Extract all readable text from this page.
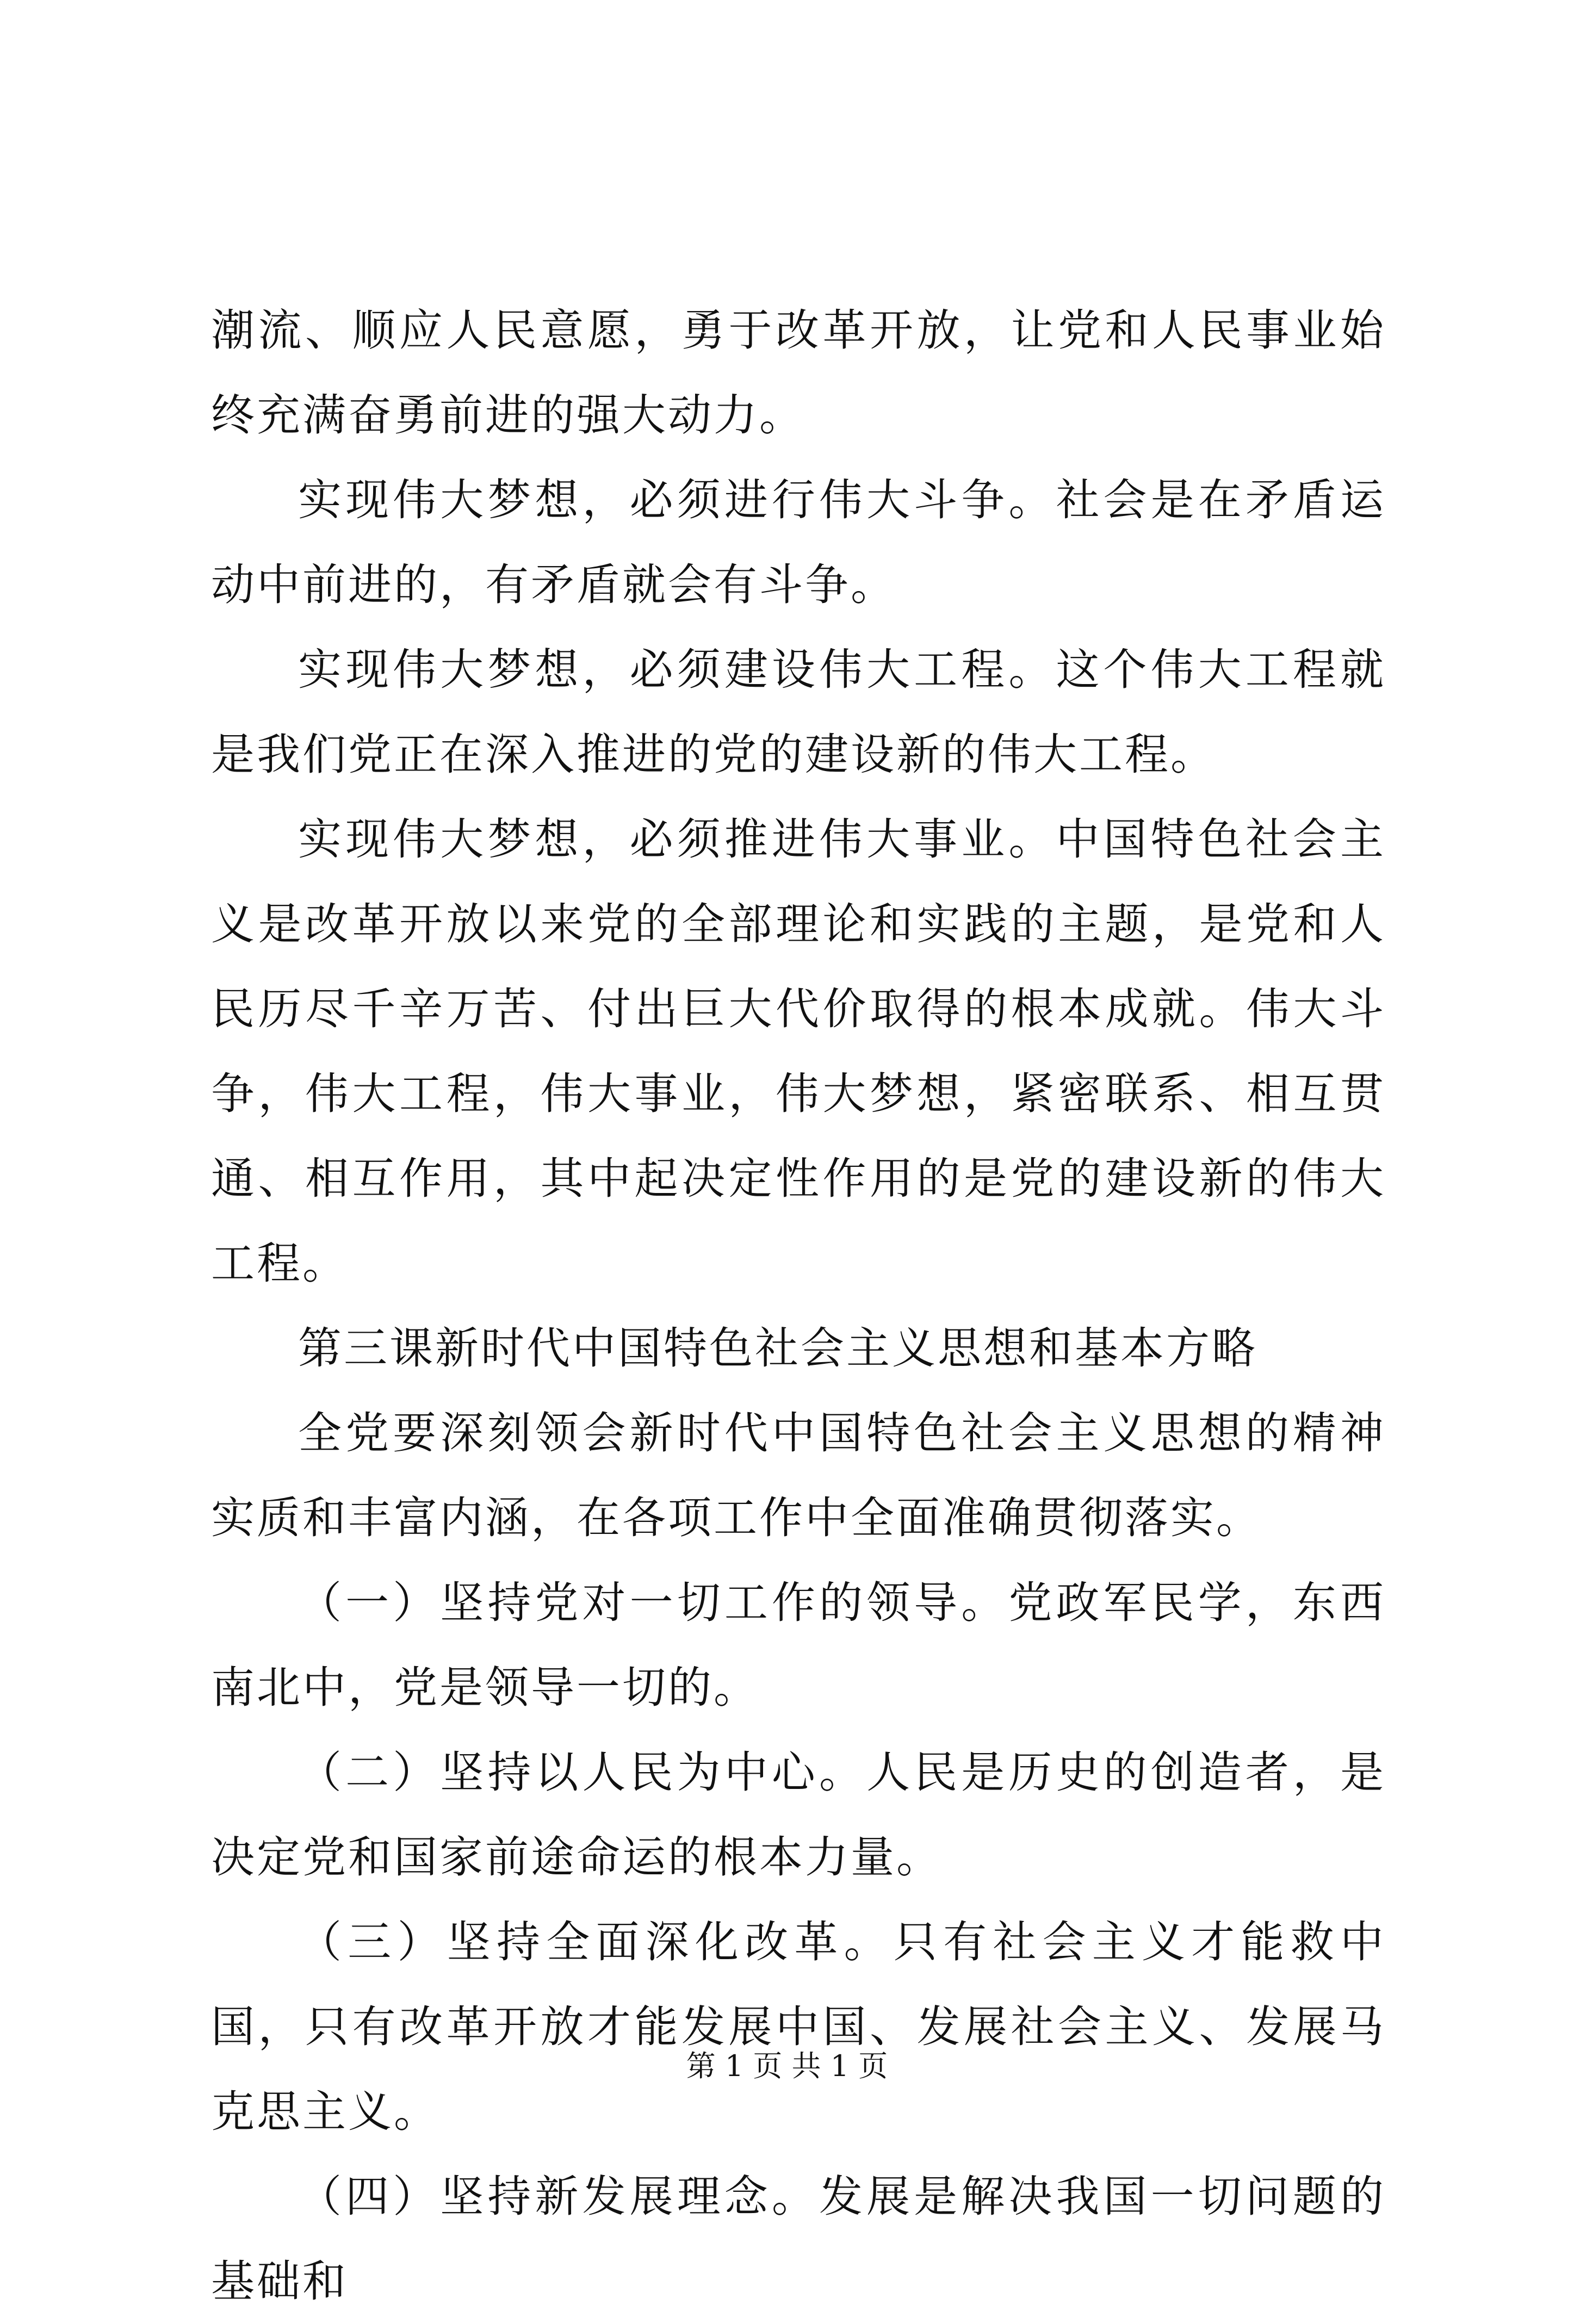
潮流、顺应人民意愿，勇于改革开放，让党和人民事业始终充满奋勇前进的强大动力。

实现伟大梦想，必须进行伟大斗争。社会是在矛盾运动中前进的，有矛盾就会有斗争。

实现伟大梦想，必须建设伟大工程。这个伟大工程就是我们党正在深入推进的党的建设新的伟大工程。

实现伟大梦想，必须推进伟大事业。中国特色社会主义是改革开放以来党的全部理论和实践的主题，是党和人民历尽千辛万苦、付出巨大代价取得的根本成就。伟大斗争，伟大工程，伟大事业，伟大梦想，紧密联系、相互贯通、相互作用，其中起决定性作用的是党的建设新的伟大工程。

第三课新时代中国特色社会主义思想和基本方略

全党要深刻领会新时代中国特色社会主义思想的精神实质和丰富内涵，在各项工作中全面准确贯彻落实。

（一）坚持党对一切工作的领导。党政军民学，东西南北中，党是领导一切的。

（二）坚持以人民为中心。人民是历史的创造者，是决定党和国家前途命运的根本力量。

（三）坚持全面深化改革。只有社会主义才能救中国，只有改革开放才能发展中国、发展社会主义、发展马克思主义。

（四）坚持新发展理念。发展是解决我国一切问题的基础和

第 1 页 共 1 页
